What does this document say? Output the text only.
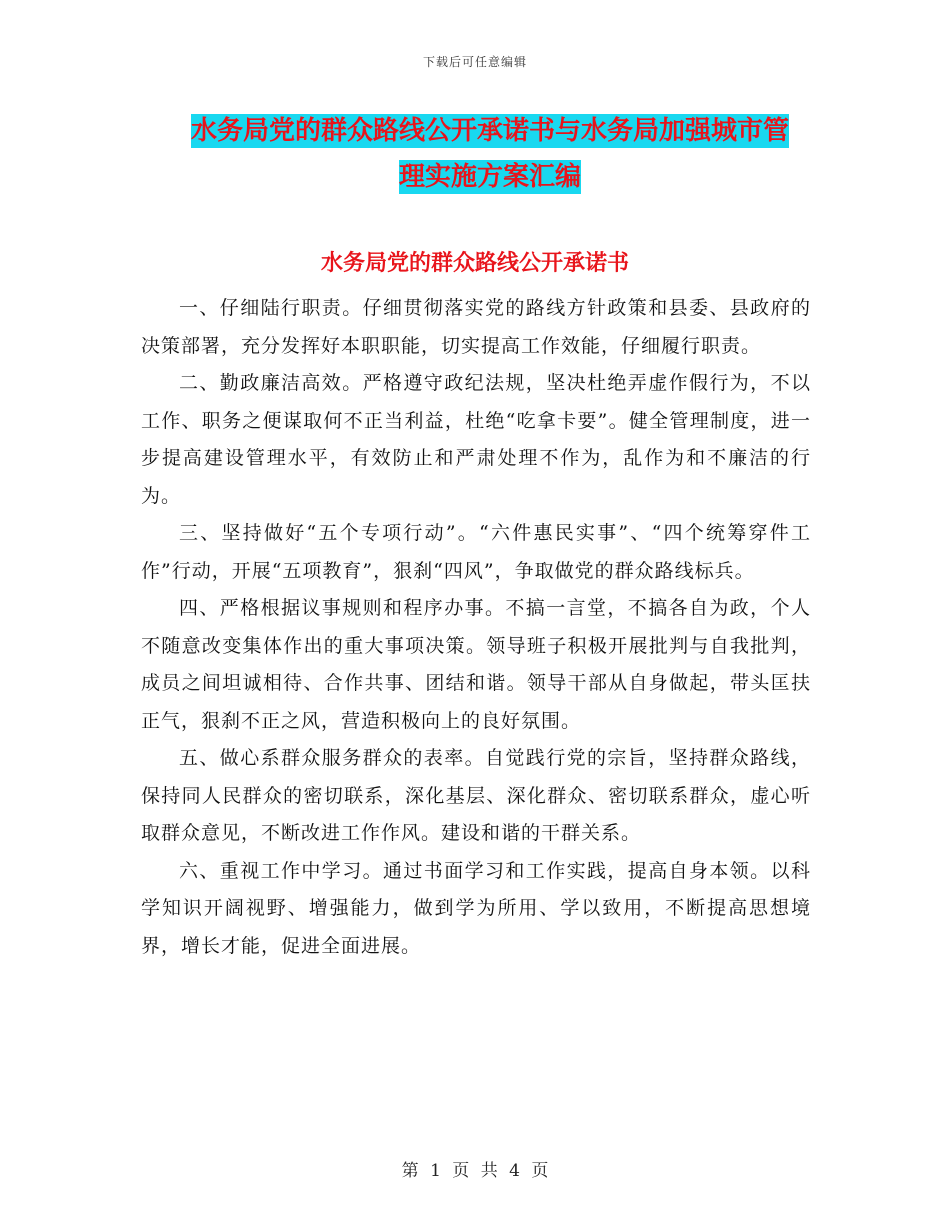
下载后可任意编辑
水务局党的群众路线公开承诺书与水务局加强城市管
理实施方案汇编
水务局党的群众路线公开承诺书

一、仔细陆行职责。仔细贯彻落实党的路线方针政策和县委、县政府的决策部署，充分发挥好本职职能，切实提高工作效能，仔细履行职责。

二、勤政廉洁高效。严格遵守政纪法规，坚决杜绝弄虚作假行为，不以工作、职务之便谋取何不正当利益，杜绝“吃拿卡要”。健全管理制度，进一步提高建设管理水平，有效防止和严肃处理不作为，乱作为和不廉洁的行为。

三、坚持做好“五个专项行动”。“六件惠民实事”、“四个统筹穿件工作”行动，开展“五项教育”，狠刹“四风”，争取做党的群众路线标兵。

四、严格根据议事规则和程序办事。不搞一言堂，不搞各自为政，个人不随意改变集体作出的重大事项决策。领导班子积极开展批判与自我批判，成员之间坦诚相待、合作共事、团结和谐。领导干部从自身做起，带头匡扶正气，狠刹不正之风，营造积极向上的良好氛围。

五、做心系群众服务群众的表率。自觉践行党的宗旨，坚持群众路线，保持同人民群众的密切联系，深化基层、深化群众、密切联系群众，虚心听取群众意见，不断改进工作作风。建设和谐的干群关系。

六、重视工作中学习。通过书面学习和工作实践，提高自身本领。以科学知识开阔视野、增强能力，做到学为所用、学以致用，不断提高思想境界，增长才能，促进全面进展。

第 1 页 共 4 页
